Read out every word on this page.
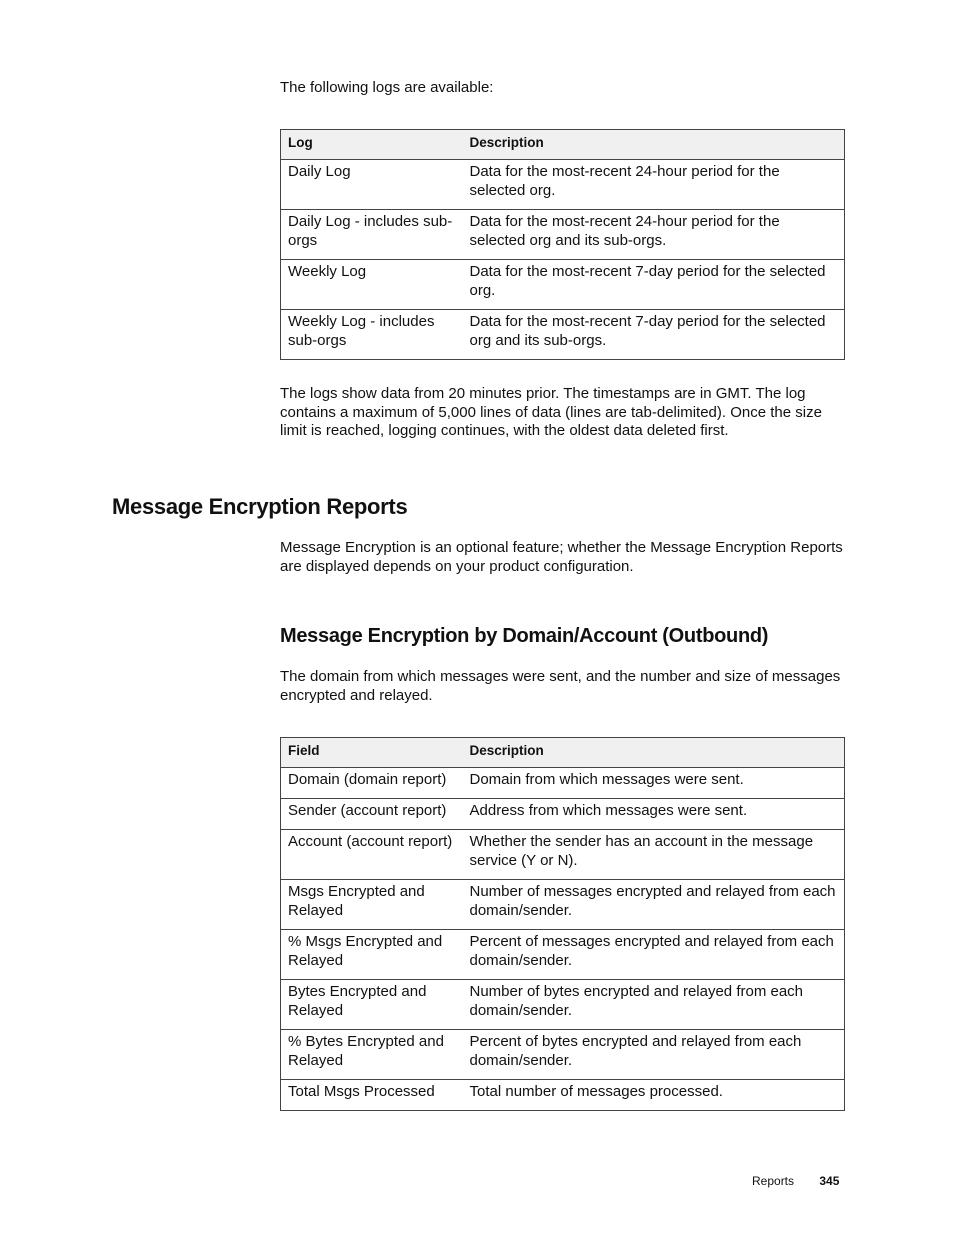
The following logs are available:

Log	Description
Daily Log	Data for the most-recent 24-hour period for the selected org.
Daily Log - includes sub-orgs	Data for the most-recent 24-hour period for the selected org and its sub-orgs.
Weekly Log	Data for the most-recent 7-day period for the selected org.
Weekly Log - includes sub-orgs	Data for the most-recent 7-day period for the selected org and its sub-orgs.

The logs show data from 20 minutes prior. The timestamps are in GMT. The log contains a maximum of 5,000 lines of data (lines are tab-delimited). Once the size limit is reached, logging continues, with the oldest data deleted first.

Message Encryption Reports

Message Encryption is an optional feature; whether the Message Encryption Reports are displayed depends on your product configuration.

Message Encryption by Domain/Account (Outbound)

The domain from which messages were sent, and the number and size of messages encrypted and relayed.

Field	Description
Domain (domain report)	Domain from which messages were sent.
Sender (account report)	Address from which messages were sent.
Account (account report)	Whether the sender has an account in the message service (Y or N).
Msgs Encrypted and Relayed	Number of messages encrypted and relayed from each domain/sender.
% Msgs Encrypted and Relayed	Percent of messages encrypted and relayed from each domain/sender.
Bytes Encrypted and Relayed	Number of bytes encrypted and relayed from each domain/sender.
% Bytes Encrypted and Relayed	Percent of bytes encrypted and relayed from each domain/sender.
Total Msgs Processed	Total number of messages processed.
Reports 345
